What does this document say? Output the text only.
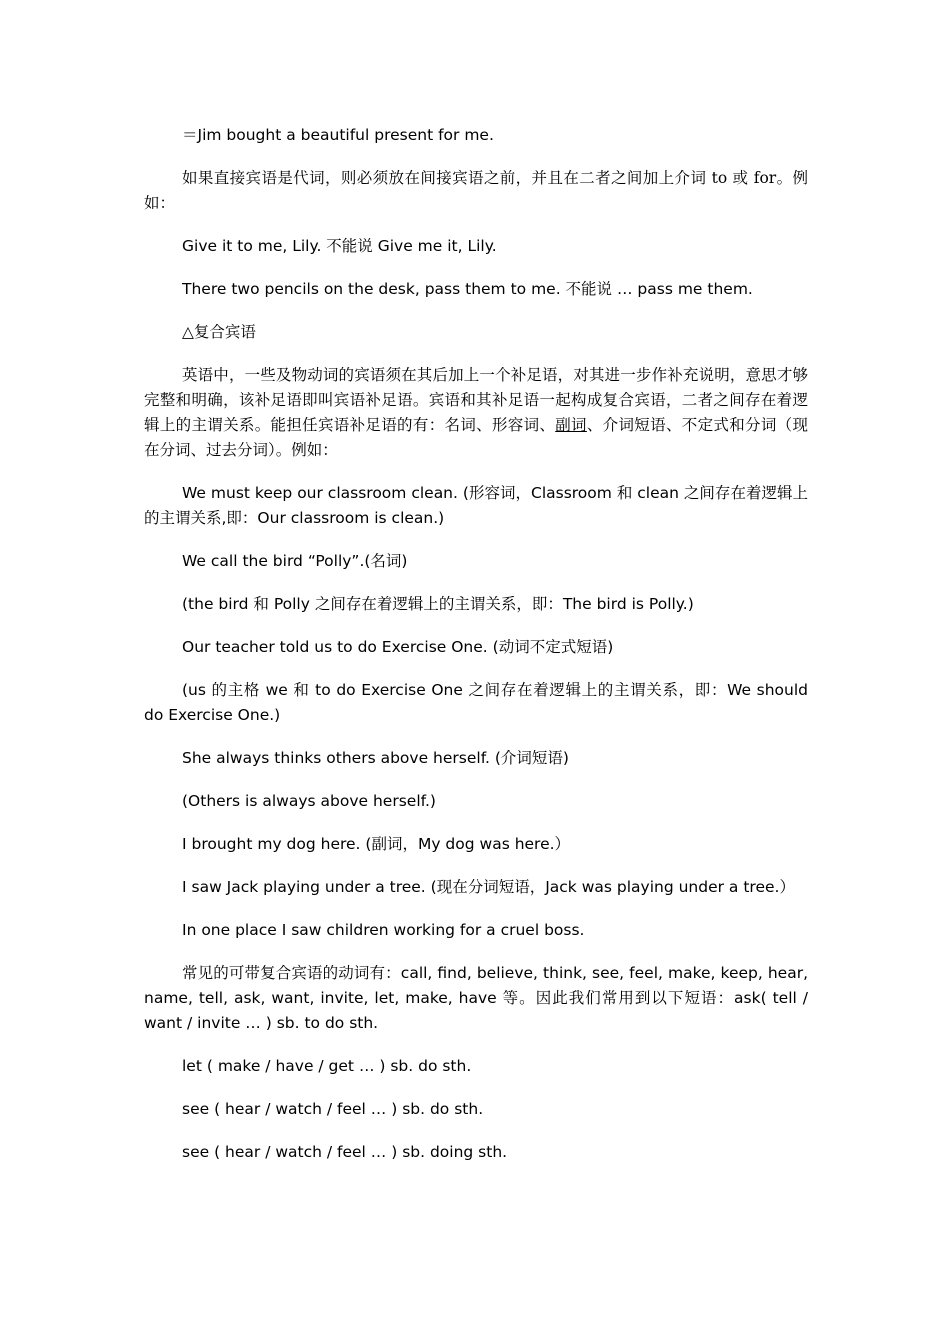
＝Jim bought a beautiful present for me.

如果直接宾语是代词，则必须放在间接宾语之前，并且在二者之间加上介词 to 或 for。例如：

Give it to me, Lily. 不能说 Give me it, Lily.

There two pencils on the desk, pass them to me. 不能说 … pass me them.

△复合宾语

英语中，一些及物动词的宾语须在其后加上一个补足语，对其进一步作补充说明，意思才够完整和明确，该补足语即叫宾语补足语。宾语和其补足语一起构成复合宾语，二者之间存在着逻辑上的主谓关系。能担任宾语补足语的有：名词、形容词、副词、介词短语、不定式和分词（现在分词、过去分词）。例如：

We must keep our classroom clean. (形容词，Classroom 和 clean 之间存在着逻辑上的主谓关系,即：Our classroom is clean.)

We call the bird “Polly”.(名词)

(the bird 和 Polly 之间存在着逻辑上的主谓关系，即：The bird is Polly.)

Our teacher told us to do Exercise One. (动词不定式短语)

(us 的主格 we 和 to do Exercise One 之间存在着逻辑上的主谓关系，即：We should do Exercise One.)

She always thinks others above herself. (介词短语)

(Others is always above herself.)

I brought my dog here. (副词，My dog was here.）

I saw Jack playing under a tree. (现在分词短语，Jack was playing under a tree.）

In one place I saw children working for a cruel boss.

常见的可带复合宾语的动词有：call, find, believe, think, see, feel, make, keep, hear, name, tell, ask, want, invite, let, make, have 等。因此我们常用到以下短语：ask( tell / want / invite … ) sb. to do sth.

let ( make / have / get … ) sb. do sth.

see ( hear / watch / feel … ) sb. do sth.

see ( hear / watch / feel … ) sb. doing sth.
